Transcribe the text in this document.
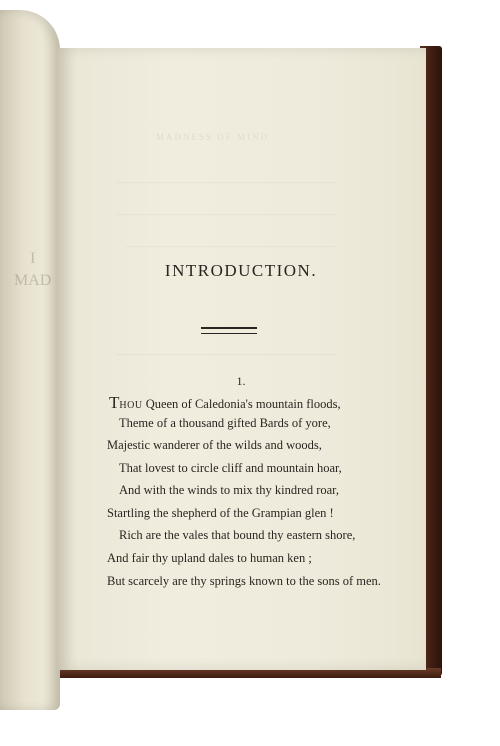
I
MAD
MADNESS OF MIND
————————————————————
————————————————————
———————————————————
————————————————————
INTRODUCTION.
1.
THOU Queen of Caledonia's mountain floods,
Theme of a thousand gifted Bards of yore,
Majestic wanderer of the wilds and woods,
That lovest to circle cliff and mountain hoar,
And with the winds to mix thy kindred roar,
Startling the shepherd of the Grampian glen !
Rich are the vales that bound thy eastern shore,
And fair thy upland dales to human ken ;
But scarcely are thy springs known to the sons of men.
